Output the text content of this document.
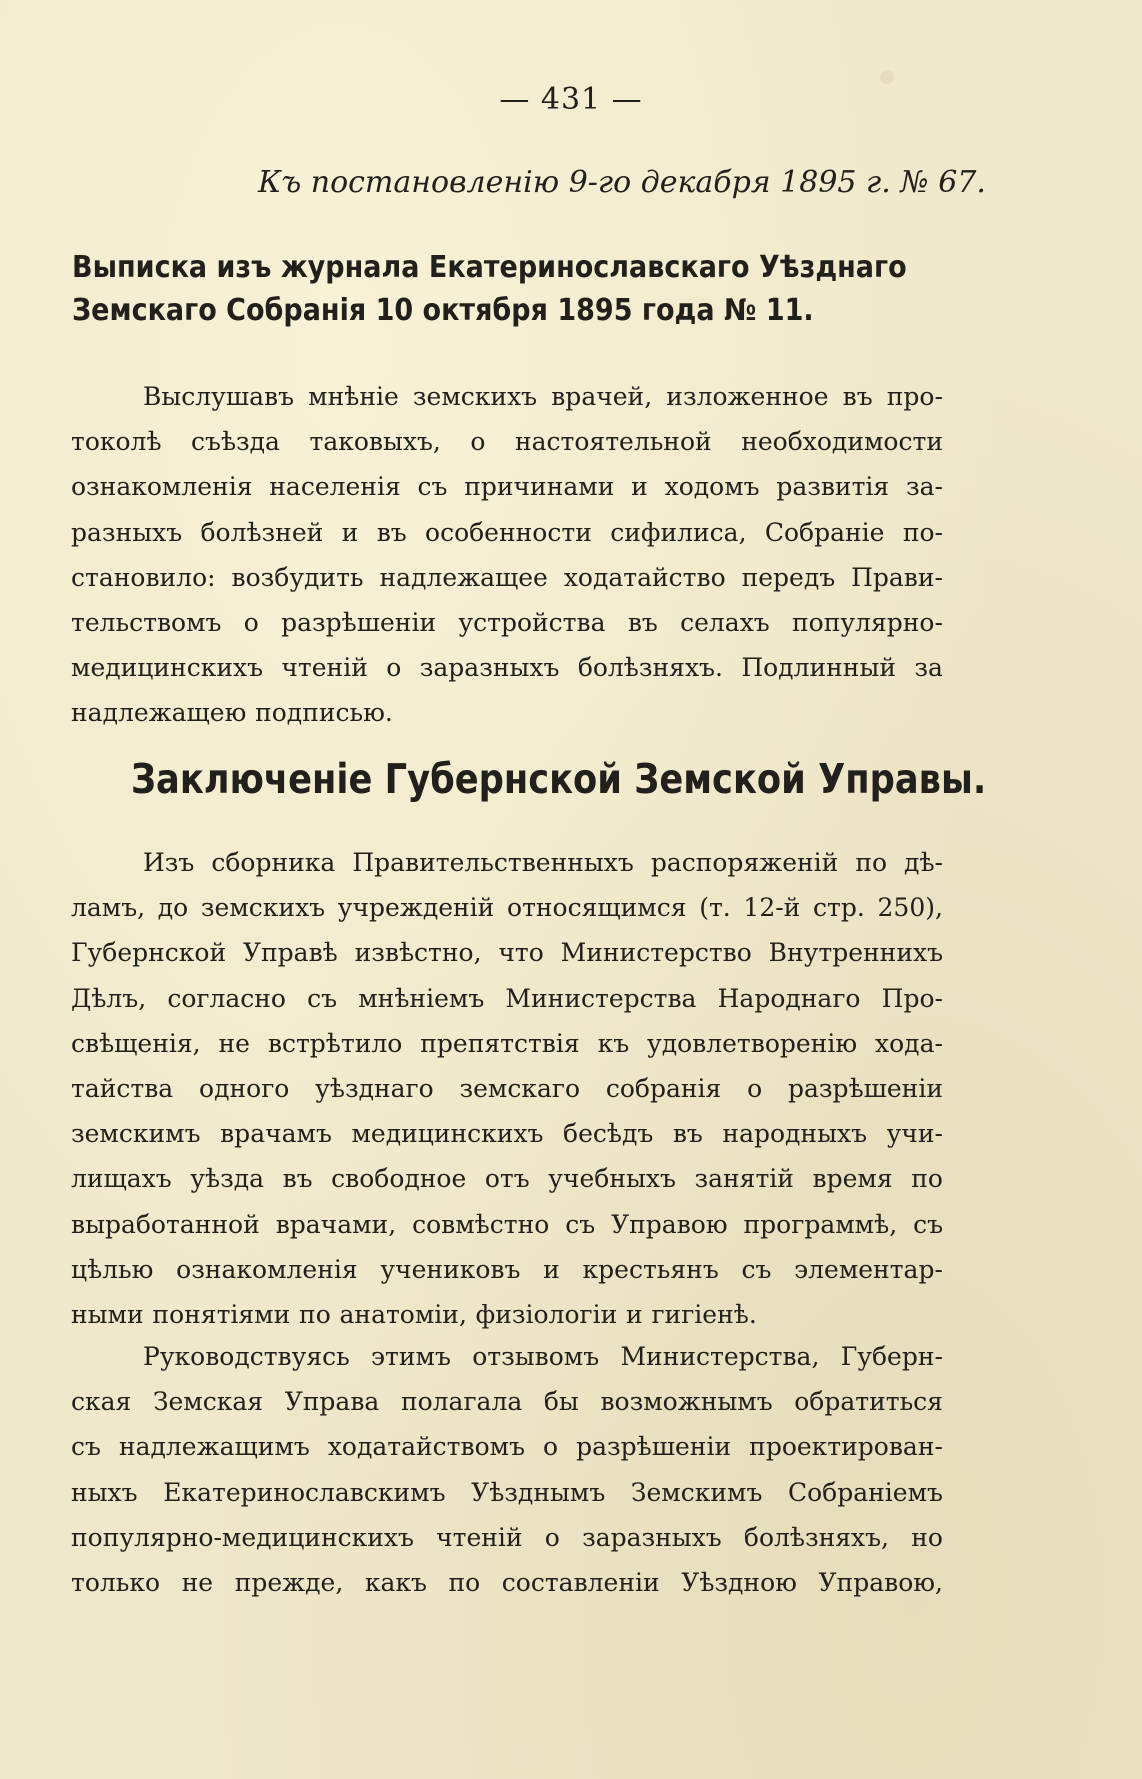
— 431 —
Къ постановленію 9-го декабря 1895 г. № 67.
Выписка изъ журнала Екатеринославскаго Уѣзднаго
Земскаго Собранія 10 октября 1895 года № 11.
Выслушавъ мнѣніе земскихъ врачей, изложенное въ про-
токолѣ съѣзда таковыхъ, о настоятельной необходимости
ознакомленія населенія съ причинами и ходомъ развитія за-
разныхъ болѣзней и въ особенности сифилиса, Собраніе по-
становило: возбудить надлежащее ходатайство передъ Прави-
тельствомъ о разрѣшеніи устройства въ селахъ популярно-
медицинскихъ чтеній о заразныхъ болѣзняхъ. Подлинный за
надлежащею подписью.
Заключеніе Губернской Земской Управы.
Изъ сборника Правительственныхъ распоряженій по дѣ-
ламъ, до земскихъ учрежденій относящимся (т. 12-й стр. 250),
Губернской Управѣ извѣстно, что Министерство Внутреннихъ
Дѣлъ, согласно съ мнѣніемъ Министерства Народнаго Про-
свѣщенія, не встрѣтило препятствія къ удовлетворенію хода-
тайства одного уѣзднаго земскаго собранія о разрѣшеніи
земскимъ врачамъ медицинскихъ бесѣдъ въ народныхъ учи-
лищахъ уѣзда въ свободное отъ учебныхъ занятій время по
выработанной врачами, совмѣстно съ Управою программѣ, съ
цѣлью ознакомленія учениковъ и крестьянъ съ элементар-
ными понятіями по анатоміи, физіологіи и гигіенѣ.
Руководствуясь этимъ отзывомъ Министерства, Губерн-
ская Земская Управа полагала бы возможнымъ обратиться
съ надлежащимъ ходатайствомъ о разрѣшеніи проектирован-
ныхъ Екатеринославскимъ Уѣзднымъ Земскимъ Собраніемъ
популярно-медицинскихъ чтеній о заразныхъ болѣзняхъ, но
только не прежде, какъ по составленіи Уѣздною Управою,
